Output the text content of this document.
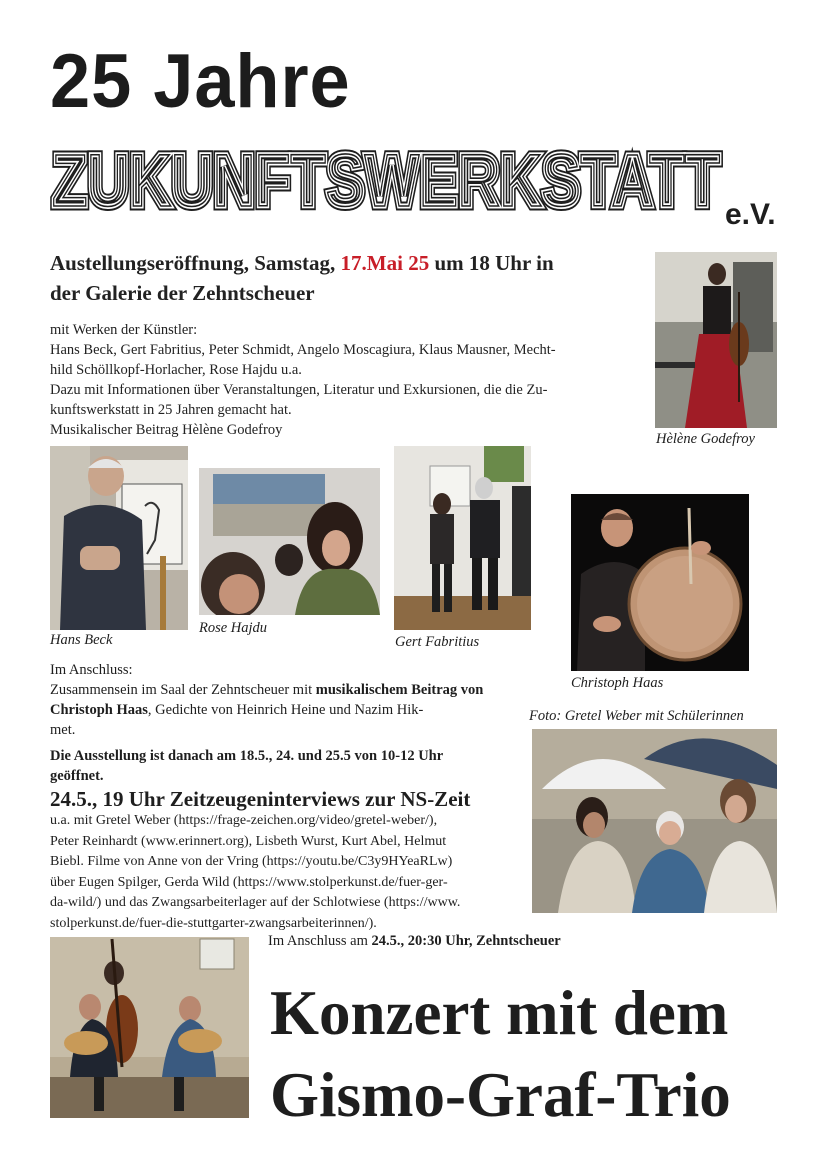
25 Jahre
ZUKUNFTSWERKSTATT
ZUKUNFTSWERKSTATT
ZUKUNFTSWERKSTATT e.V.
Austellungseröffnung, Samstag, 17.Mai 25 um 18 Uhr in
der Galerie der Zehntscheuer
mit Werken der Künstler:
Hans Beck, Gert Fabritius, Peter Schmidt, Angelo Moscagiura, Klaus Mausner, Mecht-
hild Schöllkopf-Horlacher, Rose Hajdu u.a.
Dazu mit Informationen über Veranstaltungen, Literatur und Exkursionen, die die Zu-
kunftswerkstatt in 25 Jahren gemacht hat.
Musikalischer Beitrag Hèlène Godefroy
Hèlène Godefroy
Hans Beck
Rose Hajdu
Gert Fabritius
Christoph Haas
Im Anschluss:
Zusammensein im Saal der Zehntscheuer mit musikalischem Beitrag von Christoph Haas, Gedichte von Heinrich Heine und Nazim Hik-
met.
Foto: Gretel Weber mit Schülerinnen
Die Ausstellung ist danach am 18.5., 24. und 25.5 von 10-12 Uhr
geöffnet.
24.5., 19 Uhr Zeitzeugeninterviews zur NS-Zeit
u.a. mit Gretel Weber (https://frage-zeichen.org/video/gretel-weber/),
Peter Reinhardt (www.erinnert.org), Lisbeth Wurst, Kurt Abel, Helmut
Biebl. Filme von Anne von der Vring (https://youtu.be/C3y9HYeaRLw)
über Eugen Spilger, Gerda Wild (https://www.stolperkunst.de/fuer-ger-
da-wild/) und das Zwangsarbeiterlager auf der Schlotwiese (https://www.
stolperkunst.de/fuer-die-stuttgarter-zwangsarbeiterinnen/).
Im Anschluss am 24.5., 20:30 Uhr, Zehntscheuer
Konzert mit dem
Gismo-Graf-Trio
